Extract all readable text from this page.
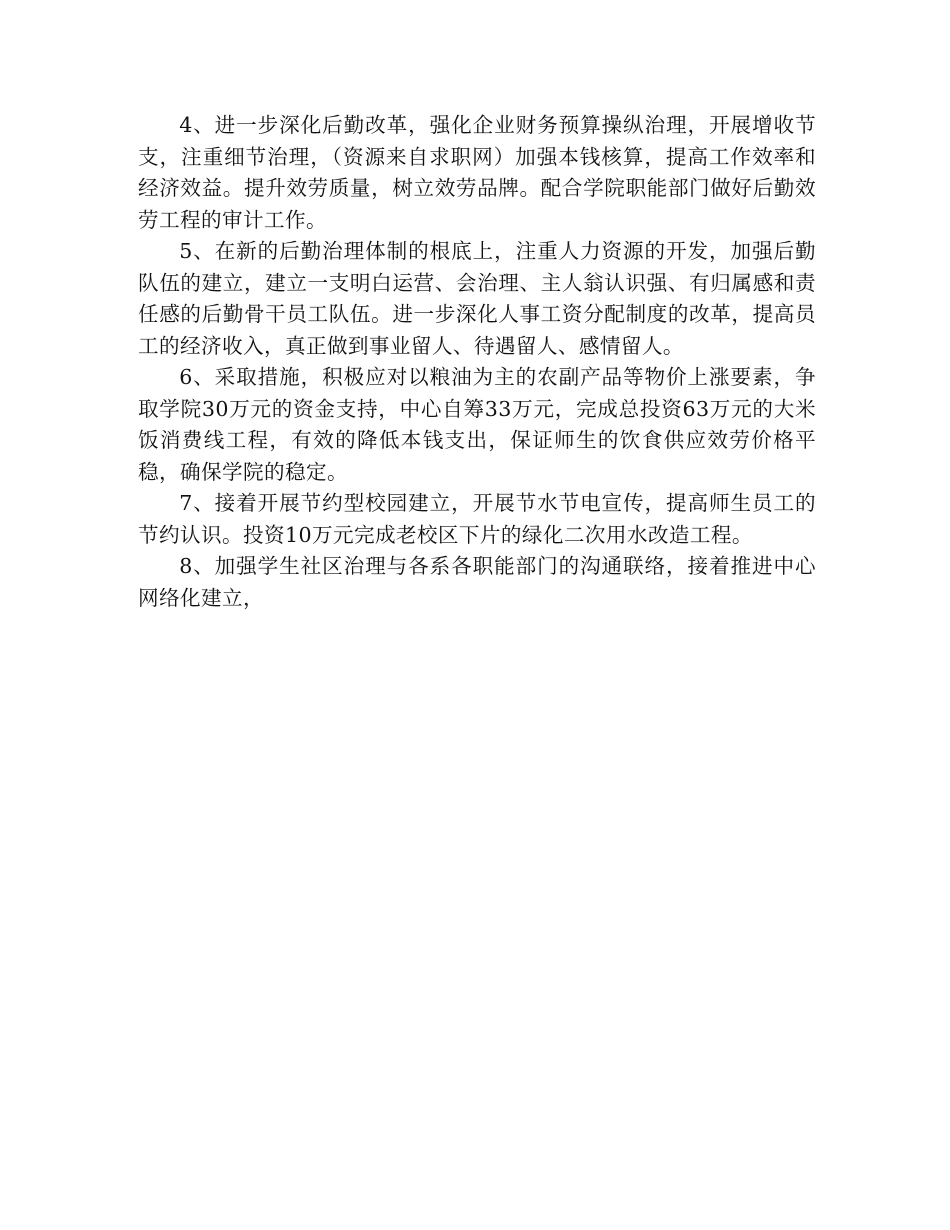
4、进一步深化后勤改革，强化企业财务预算操纵治理，开展增收节支，注重细节治理，（资源来自求职网）加强本钱核算，提高工作效率和经济效益。提升效劳质量，树立效劳品牌。配合学院职能部门做好后勤效劳工程的审计工作。

5、在新的后勤治理体制的根底上，注重人力资源的开发，加强后勤队伍的建立，建立一支明白运营、会治理、主人翁认识强、有归属感和责任感的后勤骨干员工队伍。进一步深化人事工资分配制度的改革，提高员工的经济收入，真正做到事业留人、待遇留人、感情留人。

6、采取措施，积极应对以粮油为主的农副产品等物价上涨要素，争取学院30万元的资金支持，中心自筹33万元，完成总投资63万元的大米饭消费线工程，有效的降低本钱支出，保证师生的饮食供应效劳价格平稳，确保学院的稳定。

7、接着开展节约型校园建立，开展节水节电宣传，提高师生员工的节约认识。投资10万元完成老校区下片的绿化二次用水改造工程。

8、加强学生社区治理与各系各职能部门的沟通联络，接着推进中心网络化建立，
